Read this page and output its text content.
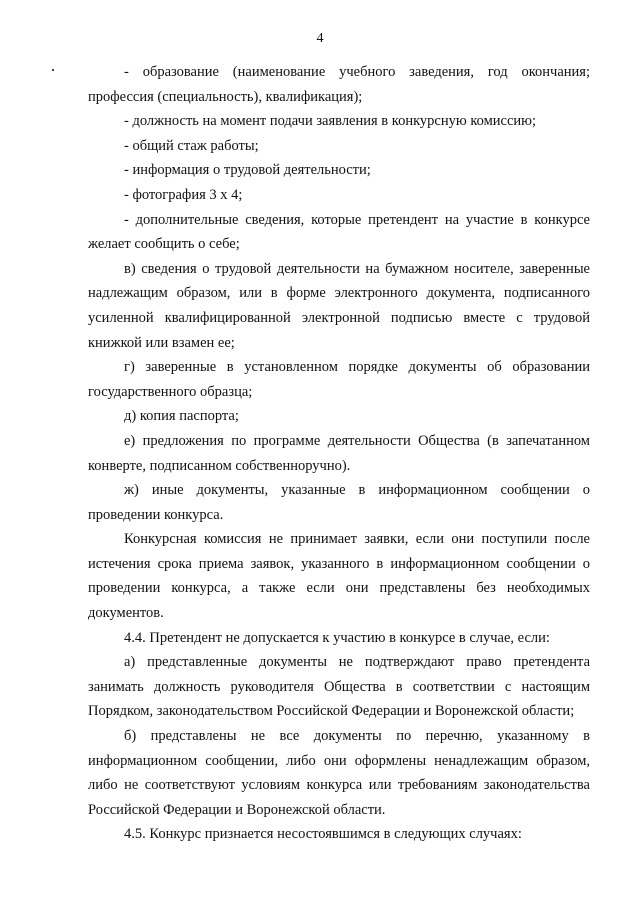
4

- образование (наименование учебного заведения, год окончания; профессия (специальность), квалификация);

- должность на момент подачи заявления в конкурсную комиссию;

- общий стаж работы;

- информация о трудовой деятельности;

- фотография 3 х 4;

- дополнительные сведения, которые претендент на участие в конкурсе желает сообщить о себе;

в) сведения о трудовой деятельности на бумажном носителе, заверенные надлежащим образом, или в форме электронного документа, подписанного усиленной квалифицированной электронной подписью вместе с трудовой книжкой или взамен ее;

г) заверенные в установленном порядке документы об образовании государственного образца;

д) копия паспорта;

е) предложения по программе деятельности Общества (в запечатанном конверте, подписанном собственноручно).

ж) иные документы, указанные в информационном сообщении о проведении конкурса.

Конкурсная комиссия не принимает заявки, если они поступили после истечения срока приема заявок, указанного в информационном сообщении о проведении конкурса, а также если они представлены без необходимых документов.

4.4. Претендент не допускается к участию в конкурсе в случае, если:

а) представленные документы не подтверждают право претендента занимать должность руководителя Общества в соответствии с настоящим Порядком, законодательством Российской Федерации и Воронежской области;

б) представлены не все документы по перечню, указанному в информационном сообщении, либо они оформлены ненадлежащим образом, либо не соответствуют условиям конкурса или требованиям законодательства Российской Федерации и Воронежской области.

4.5. Конкурс признается несостоявшимся в следующих случаях:
